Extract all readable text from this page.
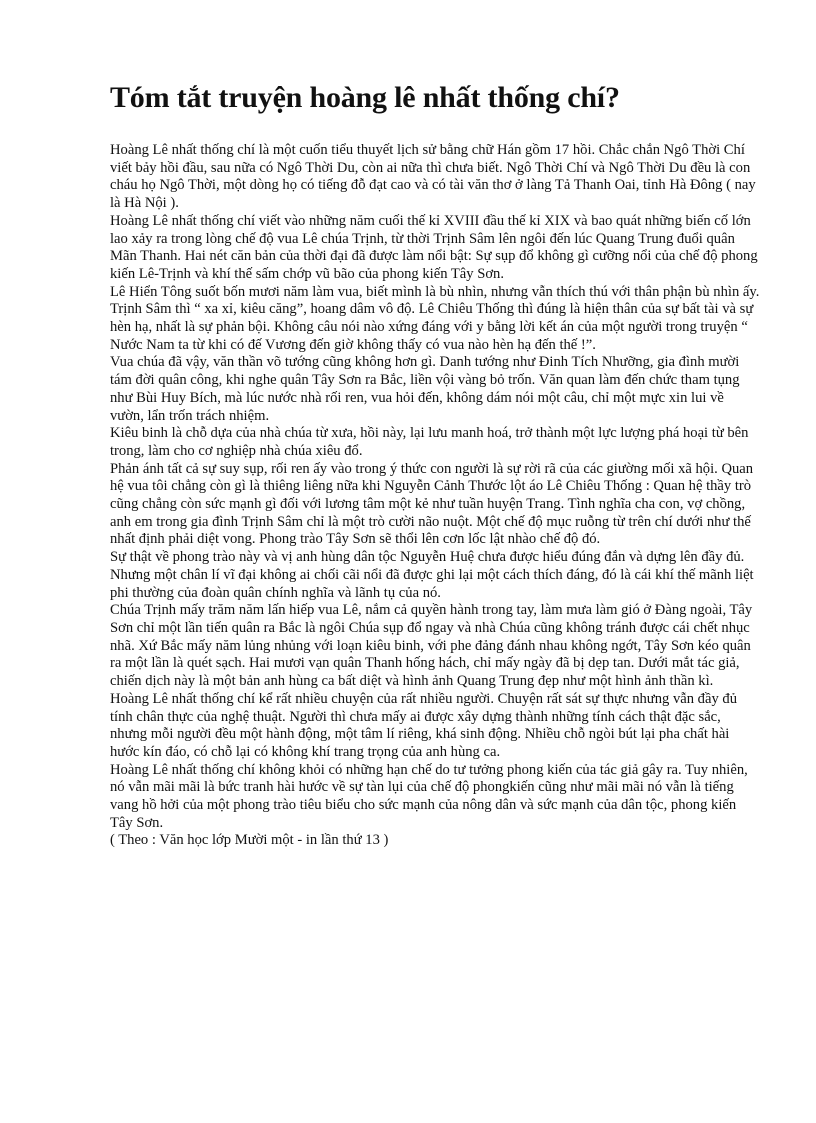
Tóm tắt truyện hoàng lê nhất thống chí?

Hoàng Lê nhất thống chí là một cuốn tiểu thuyết lịch sử bằng chữ Hán gồm 17 hồi. Chắc chắn Ngô Thời Chí viết bảy hồi đầu, sau nữa có Ngô Thời Du, còn ai nữa thì chưa biết. Ngô Thời Chí và Ngô Thời Du đều là con cháu họ Ngô Thời, một dòng họ có tiếng đỗ đạt cao và có tài văn thơ ở làng Tả Thanh Oai, tỉnh Hà Đông ( nay là Hà Nội ).

Hoàng Lê nhất thống chí viết vào những năm cuối thế kỉ XVIII đầu thế kỉ XIX và bao quát những biến cố lớn lao xảy ra trong lòng chế độ vua Lê chúa Trịnh, từ thời Trịnh Sâm lên ngôi đến lúc Quang Trung đuổi quân Mãn Thanh. Hai nét căn bản của thời đại đã được làm nổi bật: Sự sụp đổ không gì cưỡng nổi của chế độ phong kiến Lê-Trịnh và khí thế sấm chớp vũ bão của phong kiến Tây Sơn.

Lê Hiển Tông suốt bốn mươi năm làm vua, biết mình là bù nhìn, nhưng vẫn thích thú với thân phận bù nhìn ấy. Trịnh Sâm thì “ xa xỉ, kiêu căng”, hoang dâm vô độ. Lê Chiêu Thống thì đúng là hiện thân của sự bất tài và sự hèn hạ, nhất là sự phản bội. Không câu nói nào xứng đáng với y bằng lời kết án của một người trong truyện “ Nước Nam ta từ khi có đế Vương đến giờ không thấy có vua nào hèn hạ đến thế !”.

Vua chúa đã vậy, văn thần võ tướng cũng không hơn gì. Danh tướng như Đinh Tích Nhưỡng, gia đình mười tám đời quân công, khi nghe quân Tây Sơn ra Bắc, liền vội vàng bỏ trốn. Văn quan làm đến chức tham tụng như Bùi Huy Bích, mà lúc nước nhà rối ren, vua hỏi đến, không dám nói một câu, chỉ một mực xin lui về vườn, lẩn trốn trách nhiệm.

Kiêu binh là chỗ dựa của nhà chúa từ xưa, hồi này, lại lưu manh hoá, trở thành một lực lượng phá hoại từ bên trong, làm cho cơ nghiệp nhà chúa xiêu đổ.

Phản ánh tất cả sự suy sụp, rối ren ấy vào trong ý thức con người là sự rời rã của các giường mối xã hội. Quan hệ vua tôi chẳng còn gì là thiêng liêng nữa khi Nguyễn Cảnh Thước lột áo Lê Chiêu Thống : Quan hệ thầy trò cũng chẳng còn sức mạnh gì đối với lương tâm một kẻ như tuần huyện Trang. Tình nghĩa cha con, vợ chồng, anh em trong gia đình Trịnh Sâm chỉ là một trò cười não nuột. Một chế độ mục ruỗng từ trên chí dưới như thế nhất định phải diệt vong. Phong trào Tây Sơn sẽ thổi lên cơn lốc lật nhào chế độ đó.

Sự thật về phong trào này và vị anh hùng dân tộc Nguyễn Huệ chưa được hiểu đúng đắn và dựng lên đầy đủ. Nhưng một chân lí vĩ đại không ai chối cãi nổi đã được ghi lại một cách thích đáng, đó là cái khí thế mãnh liệt phi thường của đoàn quân chính nghĩa và lãnh tụ của nó.

Chúa Trịnh mấy trăm năm lấn hiếp vua Lê, nắm cả quyền hành trong tay, làm mưa làm gió ở Đàng ngoài, Tây Sơn chỉ một lần tiến quân ra Bắc là ngôi Chúa sụp đổ ngay và nhà Chúa cũng không tránh được cái chết nhục nhã. Xứ Bắc mấy năm lủng nhủng với loạn kiêu binh, với phe đảng đánh nhau không ngớt, Tây Sơn kéo quân ra một lần là quét sạch. Hai mươi vạn quân Thanh hống hách, chỉ mấy ngày đã bị dẹp tan. Dưới mắt tác giả, chiến dịch này là một bản anh hùng ca bất diệt và hình ảnh Quang Trung đẹp như một hình ảnh thần kì.

Hoàng Lê nhất thống chí kể rất nhiều chuyện của rất nhiều người. Chuyện rất sát sự thực nhưng vẫn đầy đủ tính chân thực của nghệ thuật. Người thì chưa mấy ai được xây dựng thành những tính cách thật đặc sắc, nhưng mỗi người đều một hành động, một tâm lí riêng, khá sinh động. Nhiều chỗ ngòi bút lại pha chất hài hước kín đáo, có chỗ lại có không khí trang trọng của anh hùng ca.

Hoàng Lê nhất thống chí không khỏi có những hạn chế do tư tưởng phong kiến của tác giả gây ra. Tuy nhiên, nó vẫn mãi mãi là bức tranh hài hước về sự tàn lụi của chế độ phongkiến cũng như mãi mãi nó vẫn là tiếng vang hồ hởi của một phong trào tiêu biểu cho sức mạnh của nông dân và sức mạnh của dân tộc, phong kiến Tây Sơn.

( Theo : Văn học lớp Mười một - in lần thứ 13 )
